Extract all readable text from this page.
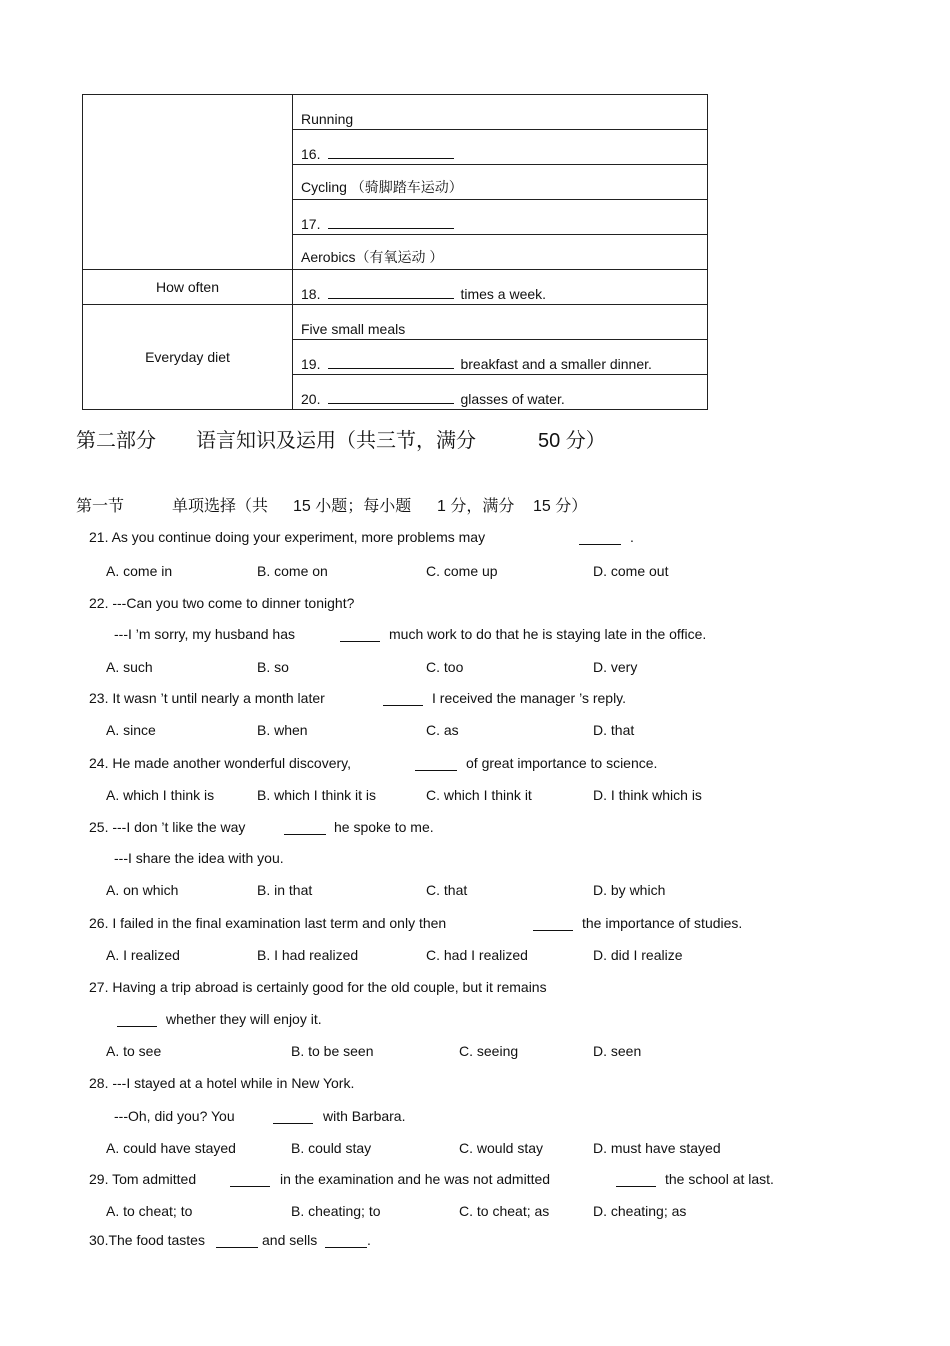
	Running
	16.
	Cycling （骑脚踏车运动）
	17.
	Aerobics（有氧运动 ）
How often	18. times a week.
Everyday diet	Five small meals
	19. breakfast and a smaller dinner.
	20. glasses of water.
第二部分 语言知识及运用（共三节，满分	50 分）
第一节	单项选择（共 15 小题；每小题 1 分，满分 15 分）
21. As you continue doing your experiment, more problems may	.
A. come in	B. come on	C. come up	D. come out
22. ---Can you two come to dinner tonight?
---I ’m sorry, my husband has	much work to do that he is staying late in the office.
A. such	B. so	C. too	D. very
23. It wasn ’t until nearly a month later	I received the manager ’s reply.
A. since	B. when	C. as	D. that
24. He made another wonderful discovery,	of great importance to science.
A. which I think is	B. which I think it is	C. which I think it	D. I think which is
25. ---I don ’t like the way	he spoke to me.
---I share the idea with you.
A. on which	B. in that	C. that	D. by which
26. I failed in the final examination last term and only then	the importance of studies.
A. I realized	B. I had realized	C. had I realized	D. did I realize
27. Having a trip abroad is certainly good for the old couple, but it remains
whether they will enjoy it.
A. to see	B. to be seen	C. seeing	D. seen
28. ---I stayed at a hotel while in New York.
---Oh, did you? You	with Barbara.
A. could have stayed	B. could stay	C. would stay	D. must have stayed
29. Tom admitted	in the examination and he was not admitted	the school at last.
A. to cheat; to	B. cheating; to	C. to cheat; as	D. cheating; as
30.The food tastes	and sells	.
